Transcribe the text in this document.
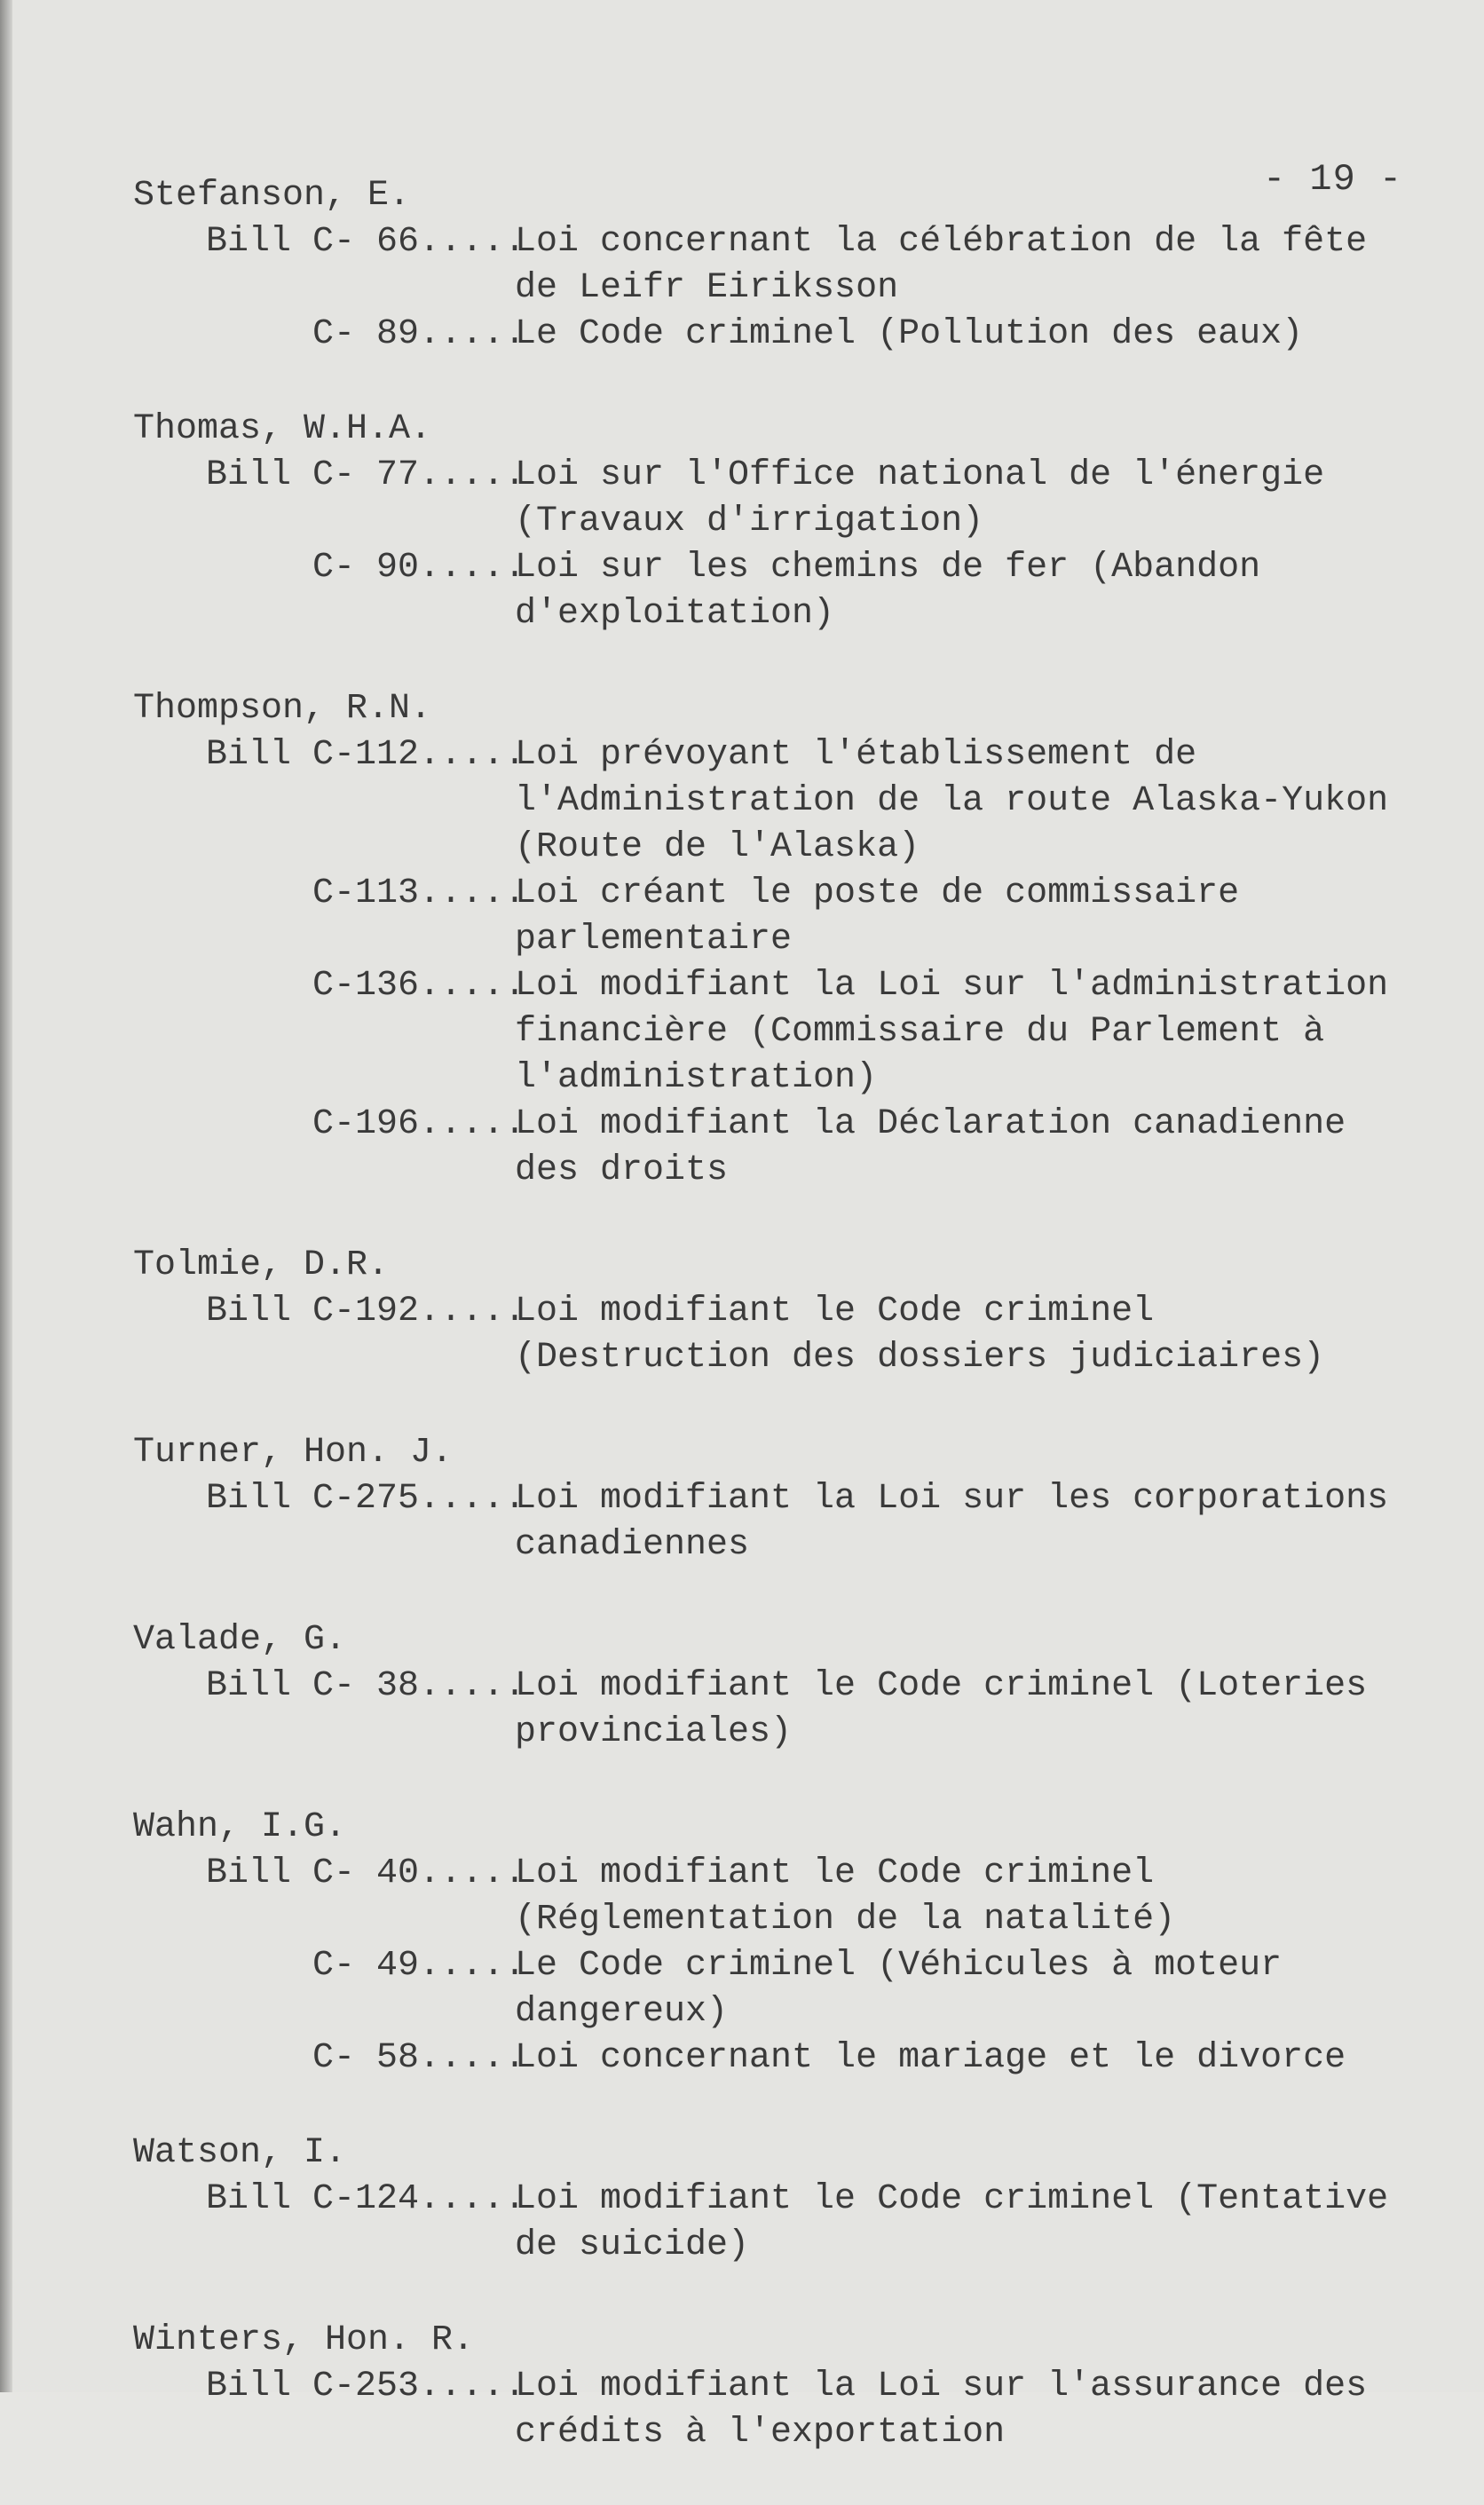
- 19 -
Stefanson, E.
Bill C- 66 .....
Loi concernant la célébration de la fête de Leifr Eiriksson
C- 89 .....
Le Code criminel (Pollution des eaux)
Thomas, W.H.A.
Bill C- 77 .....
Loi sur l'Office national de l'énergie (Travaux d'irrigation)
C- 90 .....
Loi sur les chemins de fer (Abandon d'exploitation)
Thompson, R.N.
Bill C-112 .....
Loi prévoyant l'établissement de l'Administration de la route Alaska-Yukon (Route de l'Alaska)
C-113 .....
Loi créant le poste de commissaire parlementaire
C-136 .....
Loi modifiant la Loi sur l'administration financière (Commissaire du Parlement à l'administration)
C-196 .....
Loi modifiant la Déclaration canadienne des droits
Tolmie, D.R.
Bill C-192 .....
Loi modifiant le Code criminel (Destruction des dossiers judiciaires)
Turner, Hon. J.
Bill C-275 .....
Loi modifiant la Loi sur les corporations canadiennes
Valade, G.
Bill C- 38 .....
Loi modifiant le Code criminel (Loteries provinciales)
Wahn, I.G.
Bill C- 40 .....
Loi modifiant le Code criminel (Réglementation de la natalité)
C- 49 .....
Le Code criminel (Véhicules à moteur dangereux)
C- 58 .....
Loi concernant le mariage et le divorce
Watson, I.
Bill C-124 .....
Loi modifiant le Code criminel (Tentative de suicide)
Winters, Hon. R.
Bill C-253 .....
Loi modifiant la Loi sur l'assurance des crédits à l'exportation
